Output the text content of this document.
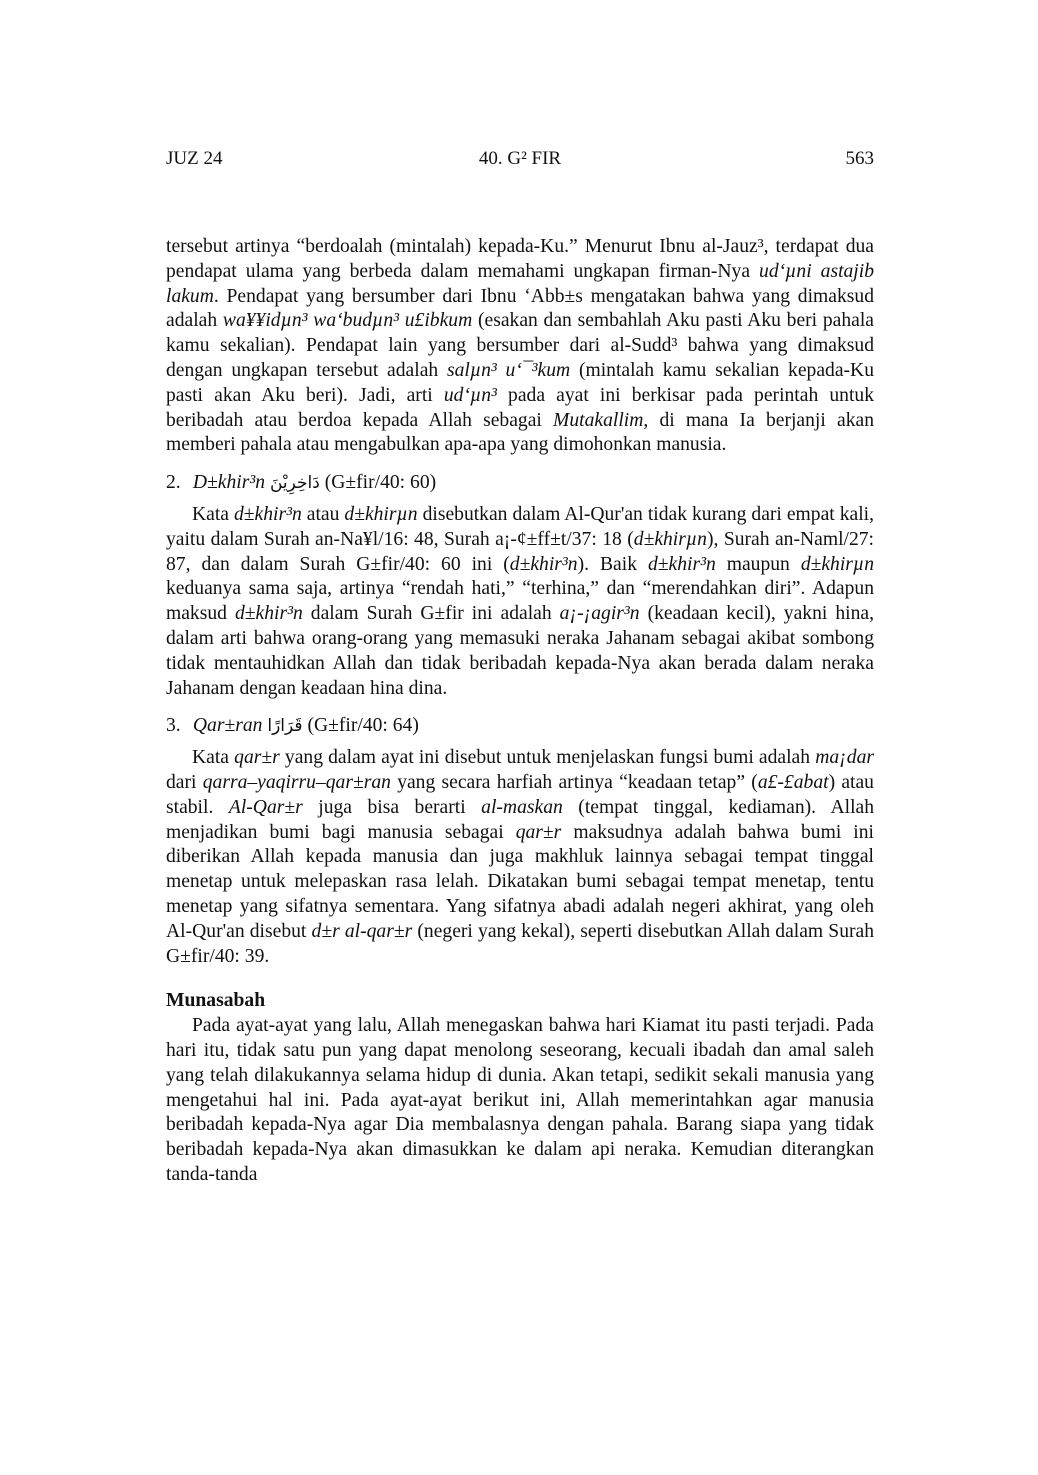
JUZ 24	40. G² FIR	563

tersebut artinya “berdoalah (mintalah) kepada-Ku.” Menurut Ibnu al-Jauz³, terdapat dua pendapat ulama yang berbeda dalam memahami ungkapan firman-Nya ud‘µni astajib lakum. Pendapat yang bersumber dari Ibnu ‘Abb±s mengatakan bahwa yang dimaksud adalah wa¥¥idµn³ wa‘budµn³ u£ibkum (esakan dan sembahlah Aku pasti Aku beri pahala kamu sekalian). Pendapat lain yang bersumber dari al-Sudd³ bahwa yang dimaksud dengan ungkapan tersebut adalah salµn³ u‘¯³kum (mintalah kamu sekalian kepada-Ku pasti akan Aku beri). Jadi, arti ud‘µn³ pada ayat ini berkisar pada perintah untuk beribadah atau berdoa kepada Allah sebagai Mutakallim, di mana Ia berjanji akan memberi pahala atau mengabulkan apa-apa yang dimohonkan manusia.

2. D±khir³n دَاخِرِيْنَ (G±fir/40: 60)

Kata d±khir³n atau d±khirµn disebutkan dalam Al-Qur'an tidak kurang dari empat kali, yaitu dalam Surah an-Na¥l/16: 48, Surah a¡-¢±ff±t/37: 18 (d±khirµn), Surah an-Naml/27: 87, dan dalam Surah G±fir/40: 60 ini (d±khir³n). Baik d±khir³n maupun d±khirµn keduanya sama saja, artinya “rendah hati,” “terhina,” dan “merendahkan diri”. Adapun maksud d±khir³n dalam Surah G±fir ini adalah a¡-¡agir³n (keadaan kecil), yakni hina, dalam arti bahwa orang-orang yang memasuki neraka Jahanam sebagai akibat sombong tidak mentauhidkan Allah dan tidak beribadah kepada-Nya akan berada dalam neraka Jahanam dengan keadaan hina dina.

3. Qar±ran قَرَارًا (G±fir/40: 64)

Kata qar±r yang dalam ayat ini disebut untuk menjelaskan fungsi bumi adalah ma¡dar dari qarra–yaqirru–qar±ran yang secara harfiah artinya “keadaan tetap” (a£-£abat) atau stabil. Al-Qar±r juga bisa berarti al-maskan (tempat tinggal, kediaman). Allah menjadikan bumi bagi manusia sebagai qar±r maksudnya adalah bahwa bumi ini diberikan Allah kepada manusia dan juga makhluk lainnya sebagai tempat tinggal menetap untuk melepaskan rasa lelah. Dikatakan bumi sebagai tempat menetap, tentu menetap yang sifatnya sementara. Yang sifatnya abadi adalah negeri akhirat, yang oleh Al-Qur'an disebut d±r al-qar±r (negeri yang kekal), seperti disebutkan Allah dalam Surah G±fir/40: 39.

Munasabah

Pada ayat-ayat yang lalu, Allah menegaskan bahwa hari Kiamat itu pasti terjadi. Pada hari itu, tidak satu pun yang dapat menolong seseorang, kecuali ibadah dan amal saleh yang telah dilakukannya selama hidup di dunia. Akan tetapi, sedikit sekali manusia yang mengetahui hal ini. Pada ayat-ayat berikut ini, Allah memerintahkan agar manusia beribadah kepada-Nya agar Dia membalasnya dengan pahala. Barang siapa yang tidak beribadah kepada-Nya akan dimasukkan ke dalam api neraka. Kemudian diterangkan tanda-tanda
